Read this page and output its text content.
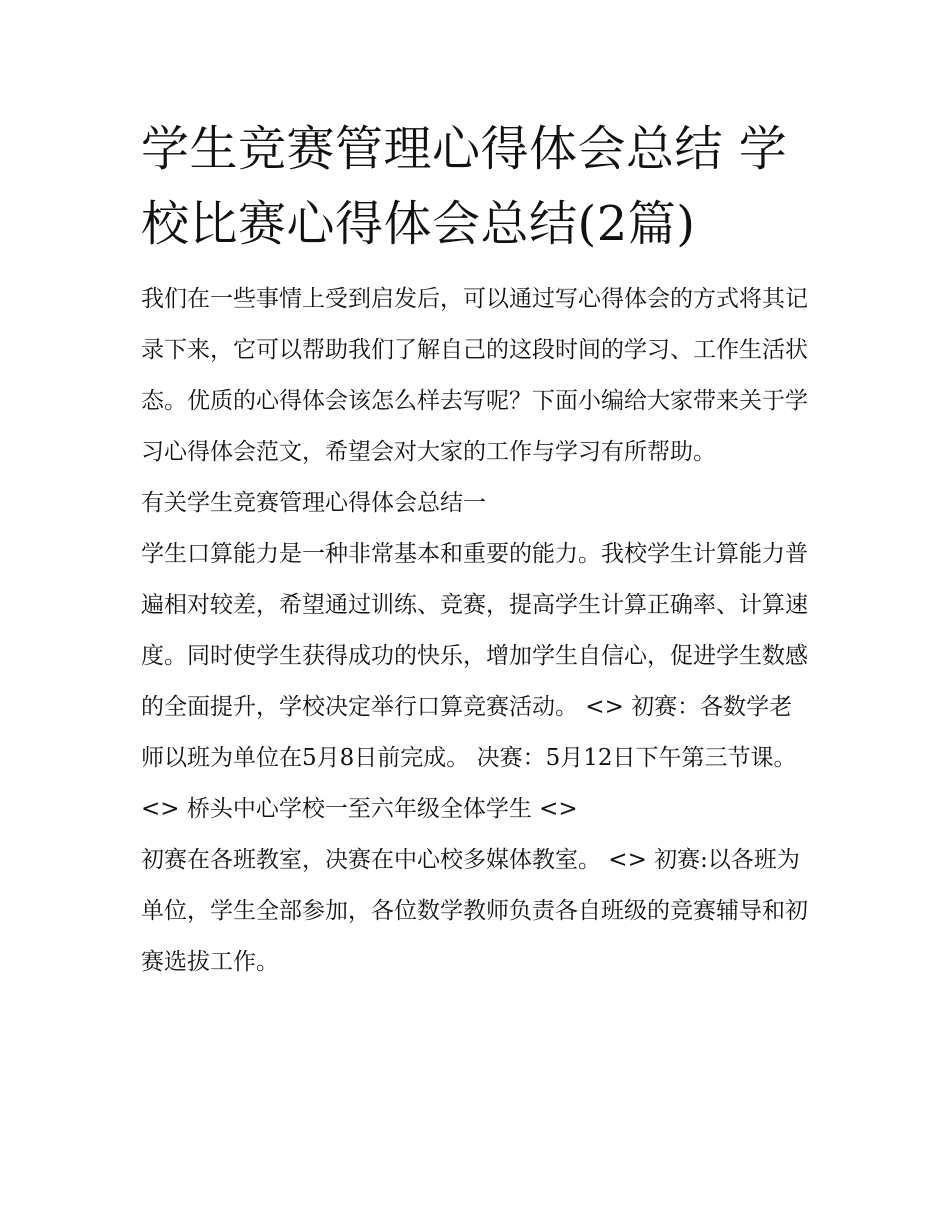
学生竞赛管理心得体会总结 学校比赛心得体会总结(2篇)

我们在一些事情上受到启发后，可以通过写心得体会的方式将其记录下来，它可以帮助我们了解自己的这段时间的学习、工作生活状态。优质的心得体会该怎么样去写呢？下面小编给大家带来关于学习心得体会范文，希望会对大家的工作与学习有所帮助。

有关学生竞赛管理心得体会总结一

学生口算能力是一种非常基本和重要的能力。我校学生计算能力普遍相对较差，希望通过训练、竞赛，提高学生计算正确率、计算速度。同时使学生获得成功的快乐，增加学生自信心，促进学生数感的全面提升，学校决定举行口算竞赛活动。 <> 初赛：各数学老师以班为单位在5月8日前完成。 决赛：5月12日下午第三节课。 <> 桥头中心学校一至六年级全体学生 <>

初赛在各班教室，决赛在中心校多媒体教室。 <> 初赛:以各班为单位，学生全部参加，各位数学教师负责各自班级的竞赛辅导和初赛选拔工作。
